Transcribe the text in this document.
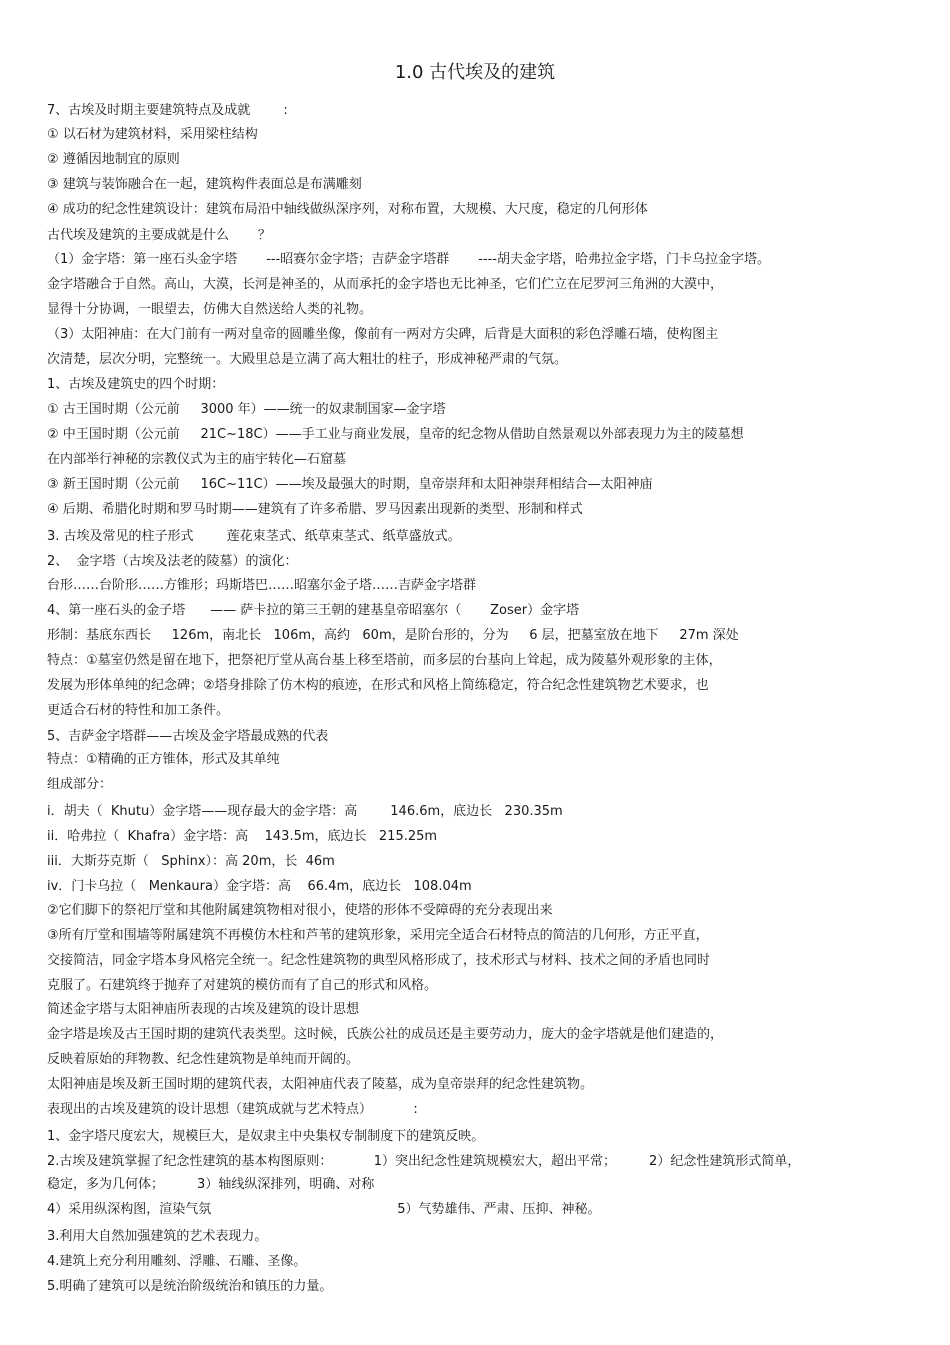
1.0 古代埃及的建筑
7、古埃及时期主要建筑特点及成就        :
① 以石材为建筑材料，采用梁柱结构
② 遵循因地制宜的原则
③ 建筑与装饰融合在一起，建筑构件表面总是布满雕刻
④ 成功的纪念性建筑设计：建筑布局沿中轴线做纵深序列，对称布置，大规模、大尺度，稳定的几何形体
古代埃及建筑的主要成就是什么       ？
（1）金字塔：第一座石头金字塔       ---昭赛尔金字塔；吉萨金字塔群       ----胡夫金字塔，哈弗拉金字塔，门卡乌拉金字塔。
金字塔融合于自然。高山，大漠，长河是神圣的，从而承托的金字塔也无比神圣，它们伫立在尼罗河三角洲的大漠中，
显得十分协调，一眼望去，仿佛大自然送给人类的礼物。
（3）太阳神庙：在大门前有一两对皇帝的圆雕坐像，像前有一两对方尖碑，后背是大面积的彩色浮雕石墙，使构图主
次清楚，层次分明，完整统一。大殿里总是立满了高大粗壮的柱子，形成神秘严肃的气氛。
1、古埃及建筑史的四个时期：
① 古王国时期（公元前     3000 年）——统一的奴隶制国家—金字塔
② 中王国时期（公元前     21C~18C）——手工业与商业发展，皇帝的纪念物从借助自然景观以外部表现力为主的陵墓想
在内部举行神秘的宗教仪式为主的庙宇转化—石窟墓
③ 新王国时期（公元前     16C~11C）——埃及最强大的时期，皇帝崇拜和太阳神崇拜相结合—太阳神庙
④ 后期、希腊化时期和罗马时期——建筑有了许多希腊、罗马因素出现新的类型、形制和样式
3. 古埃及常见的柱子形式        莲花束茎式、纸草束茎式、纸草盛放式。
2、  金字塔（古埃及法老的陵墓）的演化：
台形……台阶形……方锥形；玛斯塔巴……昭塞尔金子塔……吉萨金字塔群
4、第一座石头的金子塔      —— 萨卡拉的第三王朝的建基皇帝昭塞尔（       Zoser）金字塔
形制：基底东西长     126m，南北长   106m，高约   60m，是阶台形的，分为     6 层，把墓室放在地下     27m 深处
特点：①墓室仍然是留在地下，把祭祀厅堂从高台基上移至塔前，而多层的台基向上耸起，成为陵墓外观形象的主体，
发展为形体单纯的纪念碑；②塔身排除了仿木构的痕迹，在形式和风格上简练稳定，符合纪念性建筑物艺术要求，也
更适合石材的特性和加工条件。
5、吉萨金字塔群——古埃及金字塔最成熟的代表
特点：①精确的正方锥体，形式及其单纯
组成部分：
i．胡夫（  Khutu）金字塔——现存最大的金字塔：高        146.6m，底边长   230.35m
ii．哈弗拉（  Khafra）金字塔：高    143.5m，底边长   215.25m
iii．大斯芬克斯（   Sphinx）：高 20m，长  46m
iv．门卡乌拉（   Menkaura）金字塔：高    66.4m，底边长   108.04m
②它们脚下的祭祀厅堂和其他附属建筑物相对很小，使塔的形体不受障碍的充分表现出来
③所有厅堂和围墙等附属建筑不再模仿木柱和芦苇的建筑形象，采用完全适合石材特点的简洁的几何形，方正平直，
交接简洁，同金字塔本身风格完全统一。纪念性建筑物的典型风格形成了，技术形式与材料、技术之间的矛盾也同时
克服了。石建筑终于抛弃了对建筑的模仿而有了自己的形式和风格。
简述金字塔与太阳神庙所表现的古埃及建筑的设计思想
金字塔是埃及古王国时期的建筑代表类型。这时候，氏族公社的成员还是主要劳动力，庞大的金字塔就是他们建造的，
反映着原始的拜物教、纪念性建筑物是单纯而开阔的。
太阳神庙是埃及新王国时期的建筑代表，太阳神庙代表了陵墓，成为皇帝崇拜的纪念性建筑物。
表现出的古埃及建筑的设计思想（建筑成就与艺术特点）          :
1、金字塔尺度宏大，规模巨大，是奴隶主中央集权专制制度下的建筑反映。
2.古埃及建筑掌握了纪念性建筑的基本构图原则：          1）突出纪念性建筑规模宏大，超出平常；        2）纪念性建筑形式简单，
稳定，多为几何体；        3）轴线纵深排列，明确、对称
4）采用纵深构图，渲染气氛                                             5）气势雄伟、严肃、压抑、神秘。
3.利用大自然加强建筑的艺术表现力。
4.建筑上充分利用雕刻、浮雕、石雕、圣像。
5.明确了建筑可以是统治阶级统治和镇压的力量。
